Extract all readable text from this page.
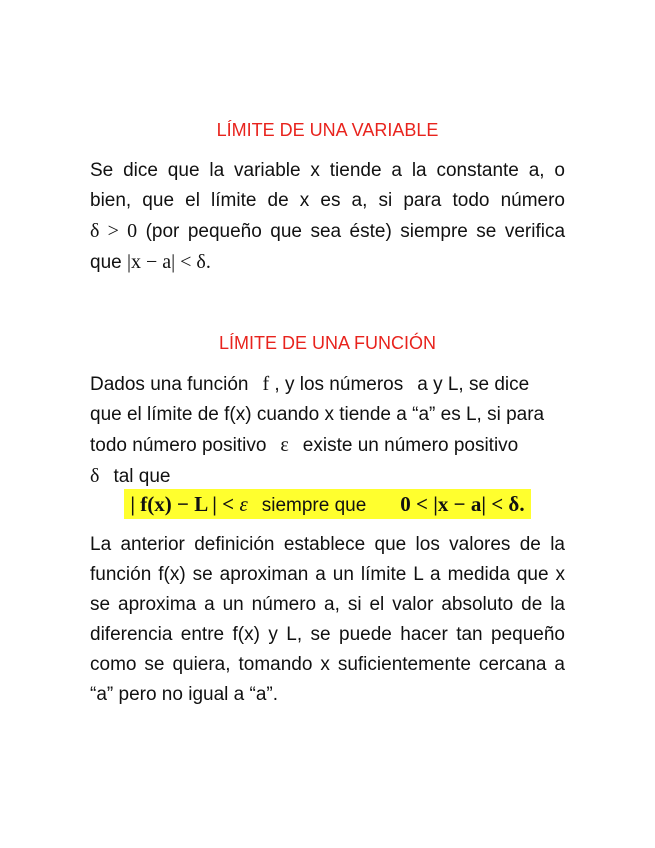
LÍMITE DE UNA VARIABLE
Se dice que la variable x tiende a la constante a, o
bien, que el límite de x es a, si para todo número
δ > 0 (por pequeño que sea éste) siempre se verifica
que |x − a| < δ.
LÍMITE DE UNA FUNCIÓN
Dados una función f , y los números a y L, se dice
que el límite de f(x) cuando x tiende a “a” es L, si para
todo número positivo ε existe un número positivo
δ tal que
| f(x) − L | < ε siempre que 0 < |x − a| < δ.
La anterior definición establece que los valores de la
función f(x) se aproximan a un límite L a medida que x
se aproxima a un número a, si el valor absoluto de la
diferencia entre f(x) y L, se puede hacer tan pequeño
como se quiera, tomando x suficientemente cercana a
“a” pero no igual a “a”.
